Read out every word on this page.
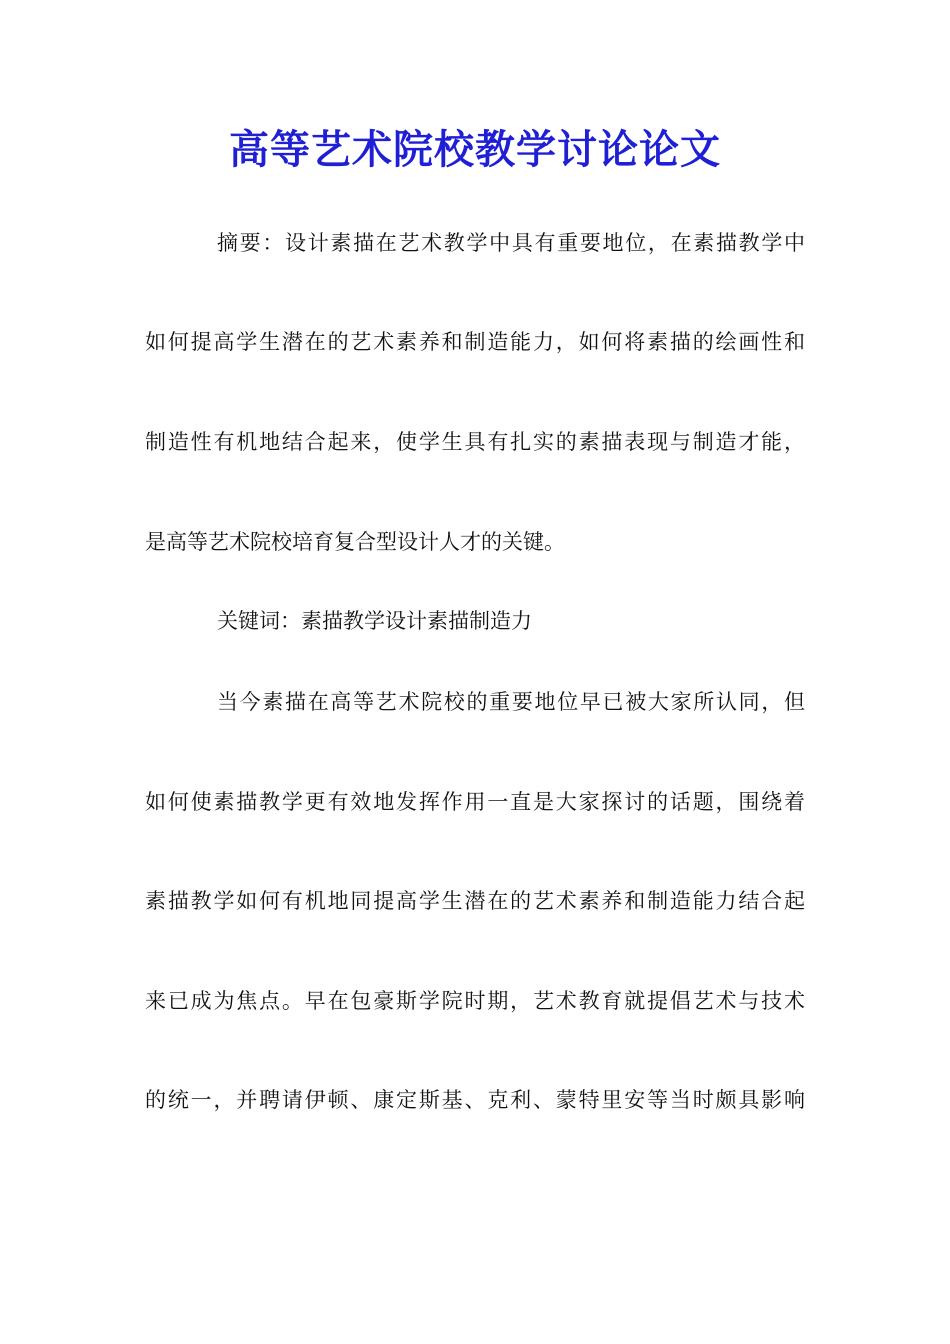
高等艺术院校教学讨论论文
摘要：设计素描在艺术教学中具有重要地位，在素描教学中
如何提高学生潜在的艺术素养和制造能力，如何将素描的绘画性和
制造性有机地结合起来，使学生具有扎实的素描表现与制造才能，
是高等艺术院校培育复合型设计人才的关键。
关键词：素描教学设计素描制造力
当今素描在高等艺术院校的重要地位早已被大家所认同，但
如何使素描教学更有效地发挥作用一直是大家探讨的话题，围绕着
素描教学如何有机地同提高学生潜在的艺术素养和制造能力结合起
来已成为焦点。早在包豪斯学院时期，艺术教育就提倡艺术与技术
的统一，并聘请伊顿、康定斯基、克利、蒙特里安等当时颇具影响
